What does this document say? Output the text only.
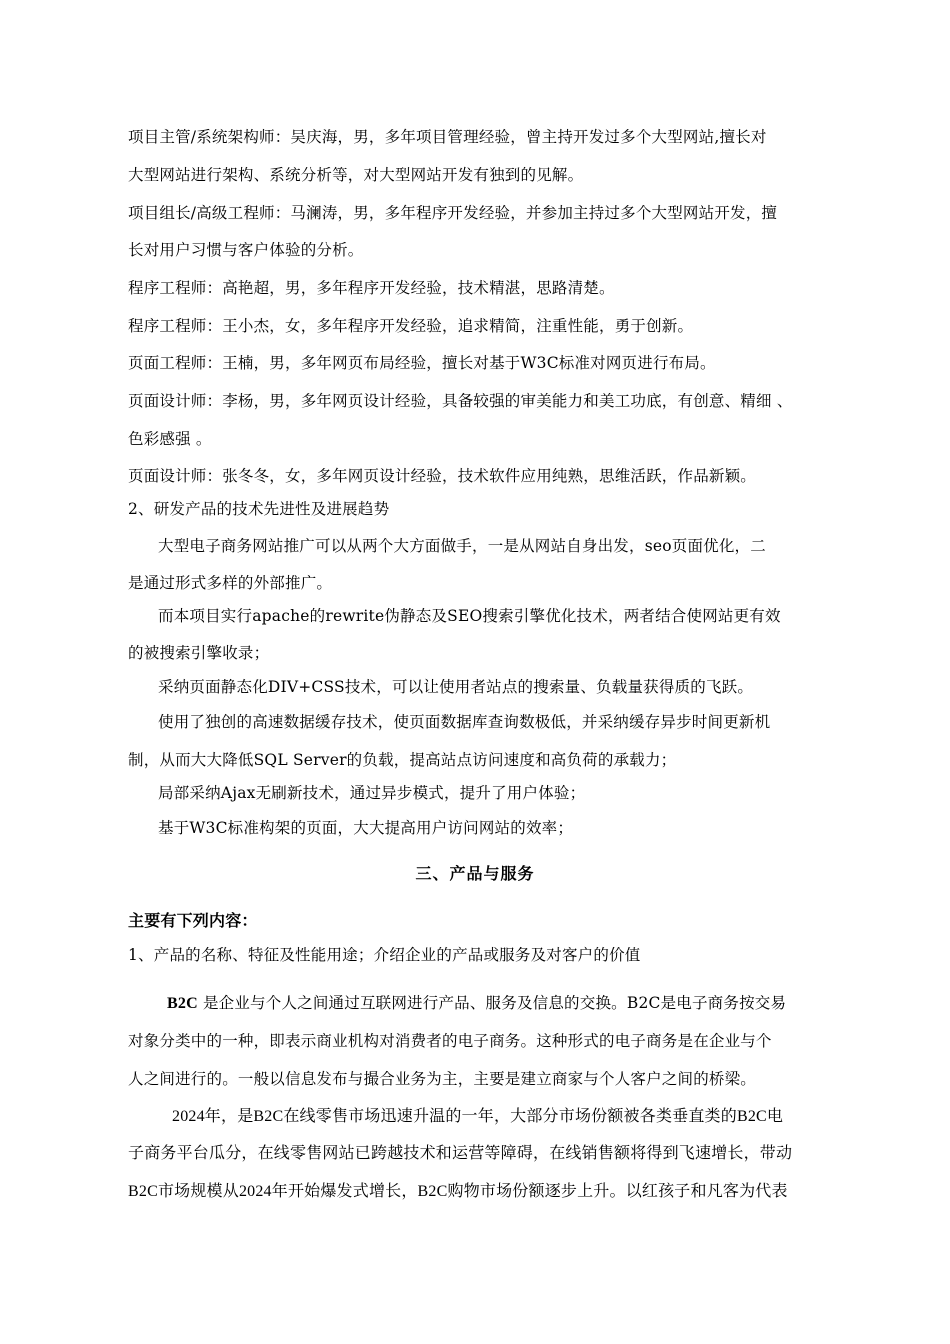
项目主管/系统架构师：吴庆海，男，多年项目管理经验，曾主持开发过多个大型网站,擅长对
大型网站进行架构、系统分析等，对大型网站开发有独到的见解。
项目组长/高级工程师：马澜涛，男，多年程序开发经验，并参加主持过多个大型网站开发，擅
长对用户习惯与客户体验的分析。
程序工程师：高艳超，男，多年程序开发经验，技术精湛，思路清楚。
程序工程师：王小杰，女，多年程序开发经验，追求精简，注重性能，勇于创新。
页面工程师：王楠，男，多年网页布局经验，擅长对基于W3C标准对网页进行布局。
页面设计师：李杨，男，多年网页设计经验，具备较强的审美能力和美工功底，有创意、精细 、
色彩感强 。
页面设计师：张冬冬，女，多年网页设计经验，技术软件应用纯熟，思维活跃，作品新颖。
2、研发产品的技术先进性及进展趋势
大型电子商务网站推广可以从两个大方面做手，一是从网站自身出发，seo页面优化，二
是通过形式多样的外部推广。
而本项目实行apache的rewrite伪静态及SEO搜索引擎优化技术，两者结合使网站更有效
的被搜索引擎收录；
采纳页面静态化DIV+CSS技术，可以让使用者站点的搜索量、负载量获得质的飞跃。
使用了独创的高速数据缓存技术，使页面数据库查询数极低，并采纳缓存异步时间更新机
制，从而大大降低SQL Server的负载，提高站点访问速度和高负荷的承载力；
局部采纳Ajax无刷新技术，通过异步模式，提升了用户体验；
基于W3C标准构架的页面，大大提高用户访问网站的效率；
三、产品与服务
主要有下列内容：
1、产品的名称、特征及性能用途；介绍企业的产品或服务及对客户的价值
B2C 是企业与个人之间通过互联网进行产品、服务及信息的交换。B2C是电子商务按交易
对象分类中的一种，即表示商业机构对消费者的电子商务。这种形式的电子商务是在企业与个
人之间进行的。一般以信息发布与撮合业务为主，主要是建立商家与个人客户之间的桥梁。
2024年，是B2C在线零售市场迅速升温的一年，大部分市场份额被各类垂直类的B2C电
子商务平台瓜分，在线零售网站已跨越技术和运营等障碍，在线销售额将得到飞速增长，带动
B2C市场规模从2024年开始爆发式增长，B2C购物市场份额逐步上升。以红孩子和凡客为代表
